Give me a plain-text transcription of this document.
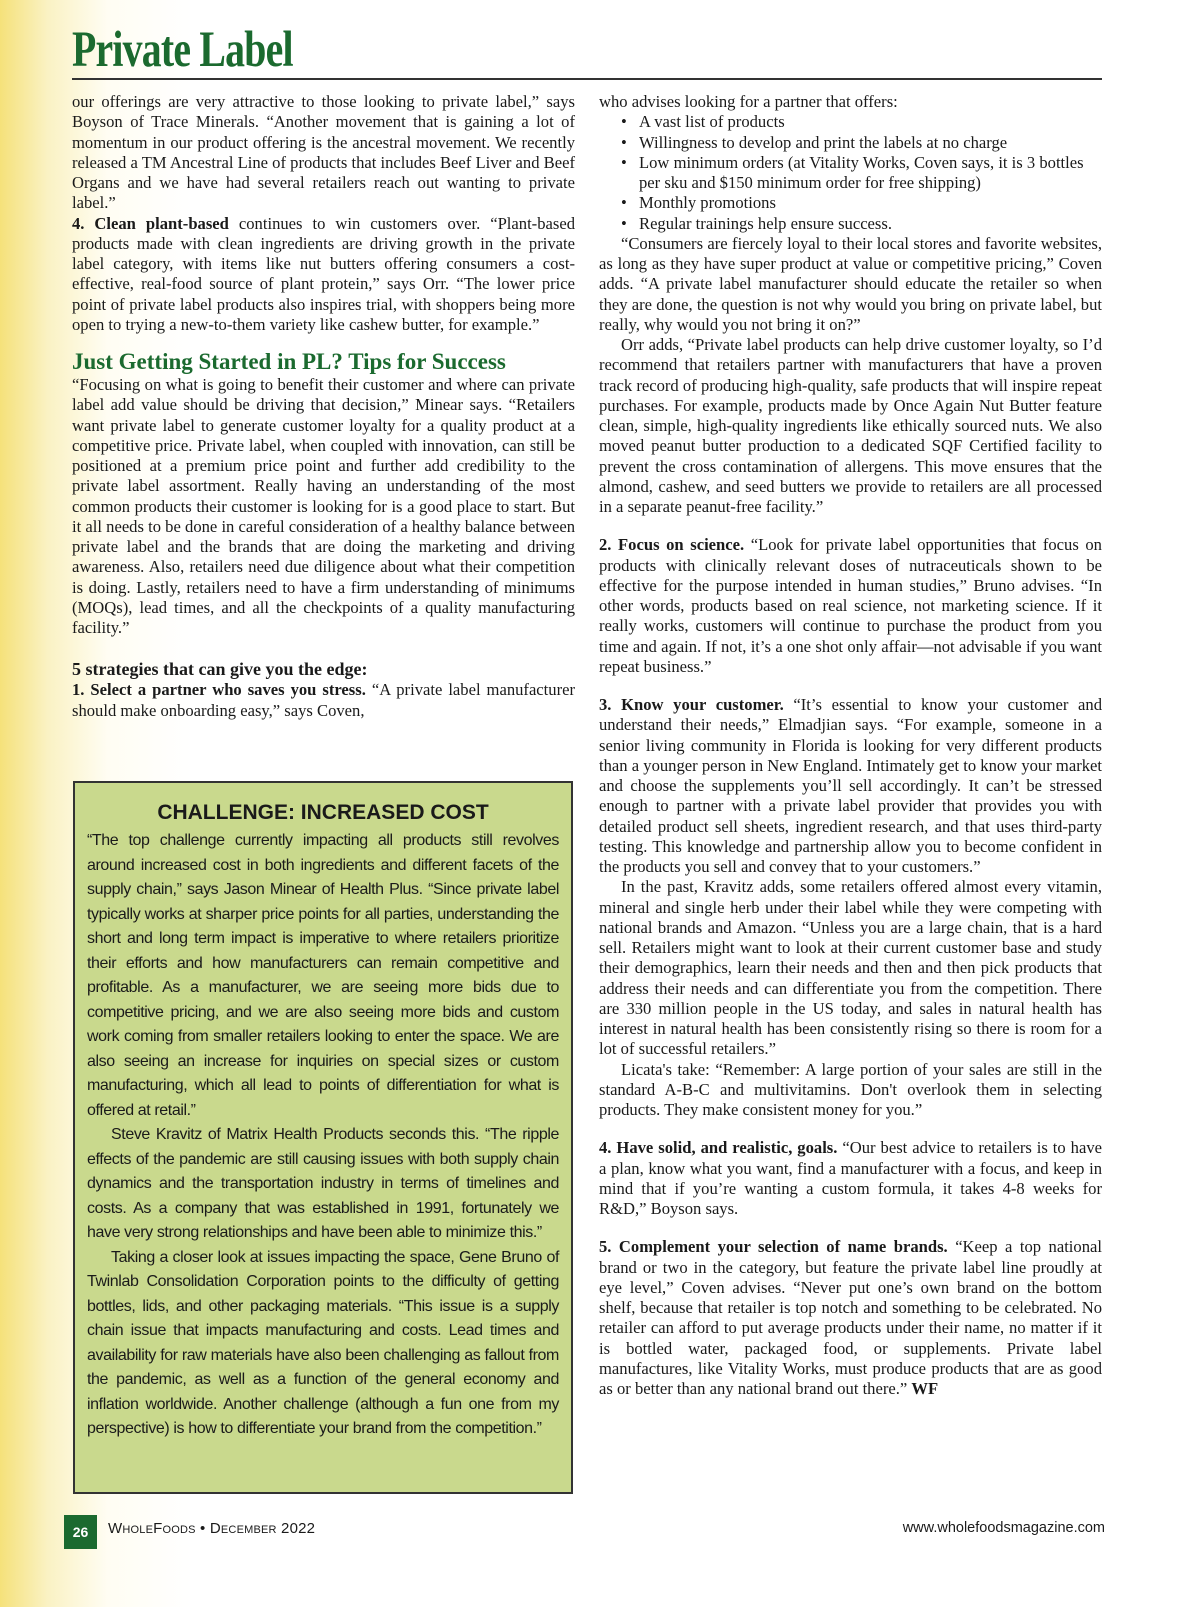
Private Label

our offerings are very attractive to those looking to private label,” says Boyson of Trace Minerals. “Another movement that is gaining a lot of momentum in our product offering is the ancestral movement. We recently released a TM Ancestral Line of products that includes Beef Liver and Beef Organs and we have had several retailers reach out wanting to private label.”

4. Clean plant-based continues to win customers over. “Plant-based products made with clean ingredients are driving growth in the private label category, with items like nut butters offering consumers a cost-effective, real-food source of plant protein,” says Orr. “The lower price point of private label products also inspires trial, with shoppers being more open to trying a new-to-them variety like cashew butter, for example.”

Just Getting Started in PL? Tips for Success

“Focusing on what is going to benefit their customer and where can private label add value should be driving that decision,” Minear says. “Retailers want private label to generate customer loyalty for a quality product at a competitive price. Private label, when coupled with innovation, can still be positioned at a premium price point and further add credibility to the private label assortment. Really having an understanding of the most common products their customer is looking for is a good place to start. But it all needs to be done in careful consideration of a healthy balance between private label and the brands that are doing the marketing and driving awareness. Also, retailers need due diligence about what their competition is doing. Lastly, retailers need to have a firm understanding of minimums (MOQs), lead times, and all the checkpoints of a quality manufacturing facility.”

5 strategies that can give you the edge:

1. Select a partner who saves you stress. “A private label manufacturer should make onboarding easy,” says Coven,

CHALLENGE: INCREASED COST

“The top challenge currently impacting all products still revolves around increased cost in both ingredients and different facets of the supply chain,” says Jason Minear of Health Plus. “Since private label typically works at sharper price points for all parties, understanding the short and long term impact is imperative to where retailers prioritize their efforts and how manufacturers can remain competitive and profitable. As a manufacturer, we are seeing more bids due to competitive pricing, and we are also seeing more bids and custom work coming from smaller retailers looking to enter the space. We are also seeing an increase for inquiries on special sizes or custom manufacturing, which all lead to points of differentiation for what is offered at retail.”

Steve Kravitz of Matrix Health Products seconds this. “The ripple effects of the pandemic are still causing issues with both supply chain dynamics and the transportation industry in terms of timelines and costs. As a company that was established in 1991, fortunately we have very strong relationships and have been able to minimize this.”

Taking a closer look at issues impacting the space, Gene Bruno of Twinlab Consolidation Corporation points to the difficulty of getting bottles, lids, and other packaging materials. “This issue is a supply chain issue that impacts manufacturing and costs. Lead times and availability for raw materials have also been challenging as fallout from the pandemic, as well as a function of the general economy and inflation worldwide. Another challenge (although a fun one from my perspective) is how to differentiate your brand from the competition.”

who advises looking for a partner that offers:

• A vast list of products
• Willingness to develop and print the labels at no charge
• Low minimum orders (at Vitality Works, Coven says, it is 3 bottles per sku and $150 minimum order for free shipping)
• Monthly promotions
• Regular trainings help ensure success.

“Consumers are fiercely loyal to their local stores and favorite websites, as long as they have super product at value or competitive pricing,” Coven adds. “A private label manufacturer should educate the retailer so when they are done, the question is not why would you bring on private label, but really, why would you not bring it on?”

Orr adds, “Private label products can help drive customer loyalty, so I’d recommend that retailers partner with manufacturers that have a proven track record of producing high-quality, safe products that will inspire repeat purchases. For example, products made by Once Again Nut Butter feature clean, simple, high-quality ingredients like ethically sourced nuts. We also moved peanut butter production to a dedicated SQF Certified facility to prevent the cross contamination of allergens. This move ensures that the almond, cashew, and seed butters we provide to retailers are all processed in a separate peanut-free facility.”

2. Focus on science. “Look for private label opportunities that focus on products with clinically relevant doses of nutraceuticals shown to be effective for the purpose intended in human studies,” Bruno advises. “In other words, products based on real science, not marketing science. If it really works, customers will continue to purchase the product from you time and again. If not, it’s a one shot only affair—not advisable if you want repeat business.”

3. Know your customer. “It’s essential to know your customer and understand their needs,” Elmadjian says. “For example, someone in a senior living community in Florida is looking for very different products than a younger person in New England. Intimately get to know your market and choose the supplements you’ll sell accordingly. It can’t be stressed enough to partner with a private label provider that provides you with detailed product sell sheets, ingredient research, and that uses third-party testing. This knowledge and partnership allow you to become confident in the products you sell and convey that to your customers.”

In the past, Kravitz adds, some retailers offered almost every vitamin, mineral and single herb under their label while they were competing with national brands and Amazon. “Unless you are a large chain, that is a hard sell. Retailers might want to look at their current customer base and study their demographics, learn their needs and then and then pick products that address their needs and can differentiate you from the competition. There are 330 million people in the US today, and sales in natural health has interest in natural health has been consistently rising so there is room for a lot of successful retailers.”

Licata's take: “Remember: A large portion of your sales are still in the standard A-B-C and multivitamins. Don't overlook them in selecting products. They make consistent money for you.”

4. Have solid, and realistic, goals. “Our best advice to retailers is to have a plan, know what you want, find a manufacturer with a focus, and keep in mind that if you’re wanting a custom formula, it takes 4-8 weeks for R&D,” Boyson says.

5. Complement your selection of name brands. “Keep a top national brand or two in the category, but feature the private label line proudly at eye level,” Coven advises. “Never put one’s own brand on the bottom shelf, because that retailer is top notch and something to be celebrated. No retailer can afford to put average products under their name, no matter if it is bottled water, packaged food, or supplements. Private label manufactures, like Vitality Works, must produce products that are as good as or better than any national brand out there.” WF

26	WholeFoods • December 2022	www.wholefoodsmagazine.com
